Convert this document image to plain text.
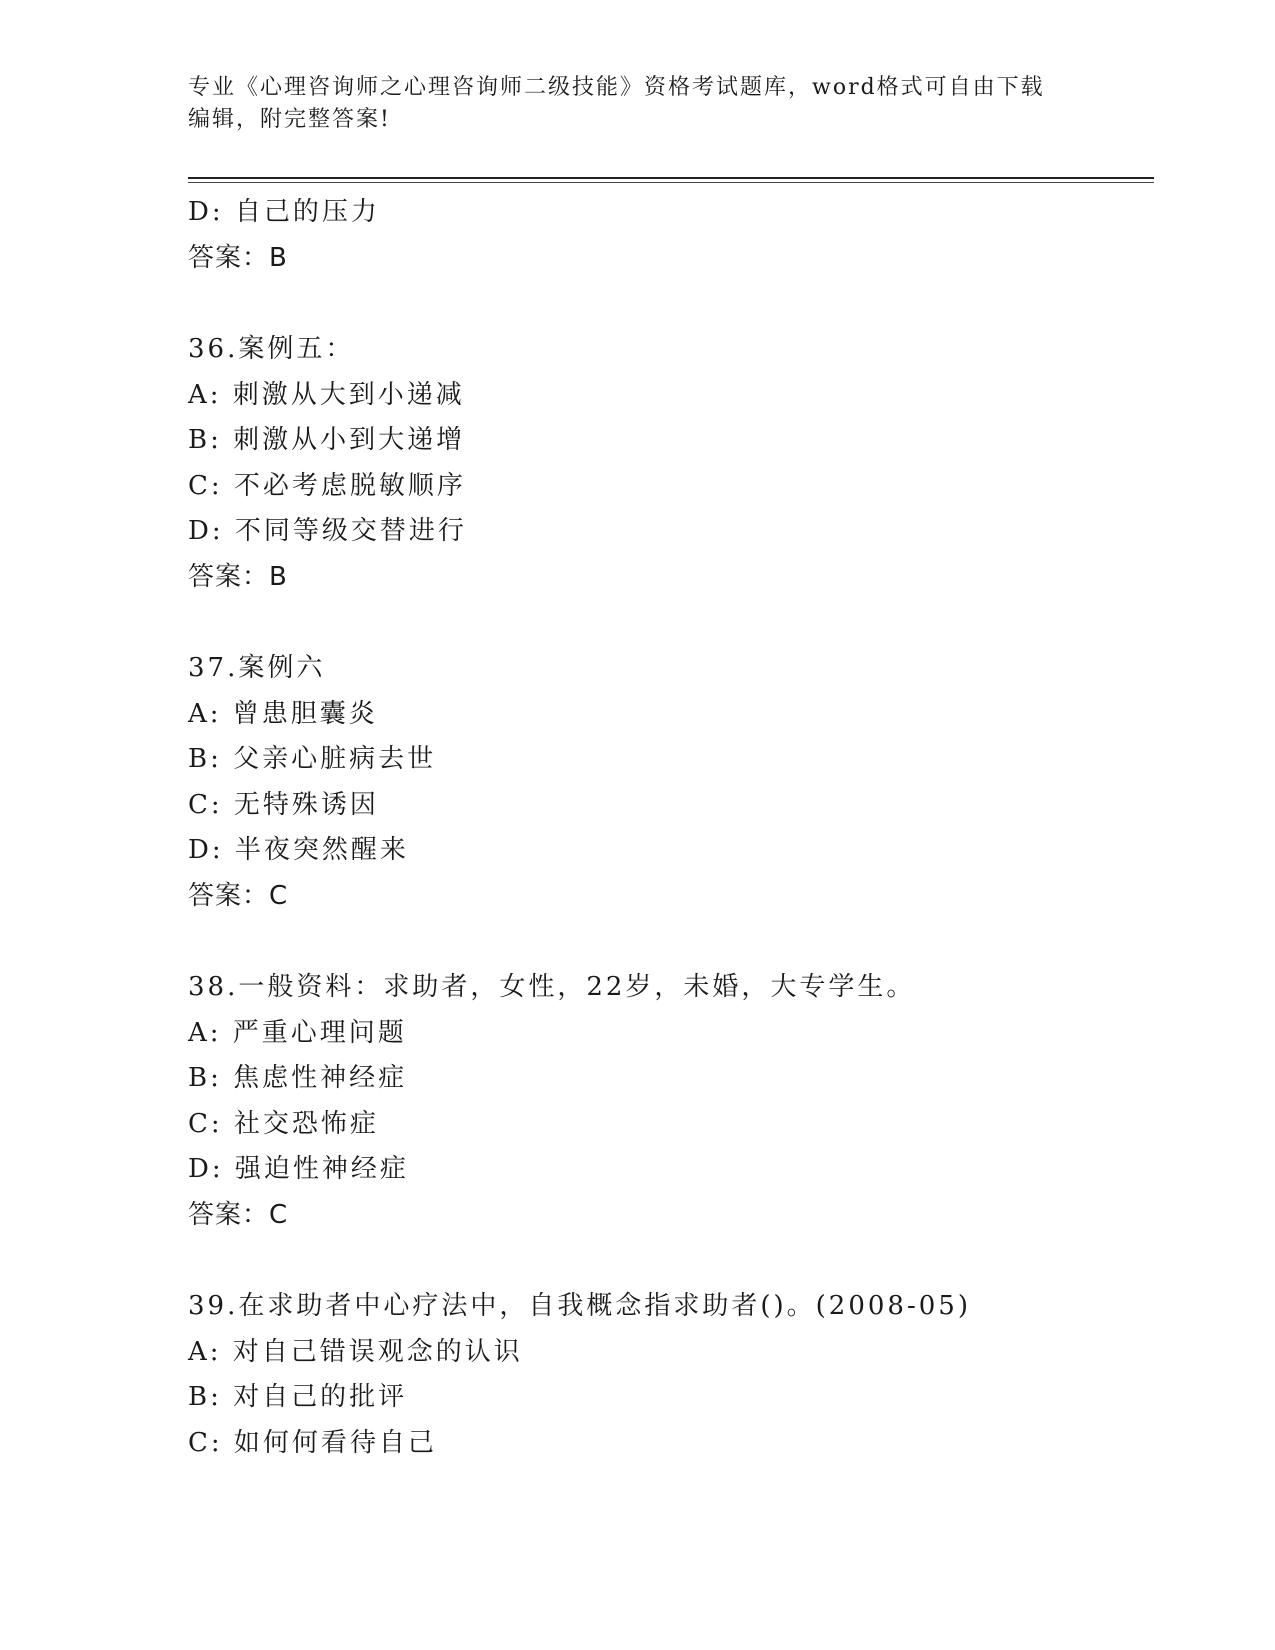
专业《心理咨询师之心理咨询师二级技能》资格考试题库，word格式可自由下载
编辑，附完整答案!
D: 自己的压力
答案：B
36.案例五：
A: 刺激从大到小递减
B: 刺激从小到大递增
C: 不必考虑脱敏顺序
D: 不同等级交替进行
答案：B
37.案例六
A: 曾患胆囊炎
B: 父亲心脏病去世
C: 无特殊诱因
D: 半夜突然醒来
答案：C
38.一般资料：求助者，女性，22岁，未婚，大专学生。
A: 严重心理问题
B: 焦虑性神经症
C: 社交恐怖症
D: 强迫性神经症
答案：C
39.在求助者中心疗法中，自我概念指求助者()。(2008-05)
A: 对自己错误观念的认识
B: 对自己的批评
C: 如何何看待自己
